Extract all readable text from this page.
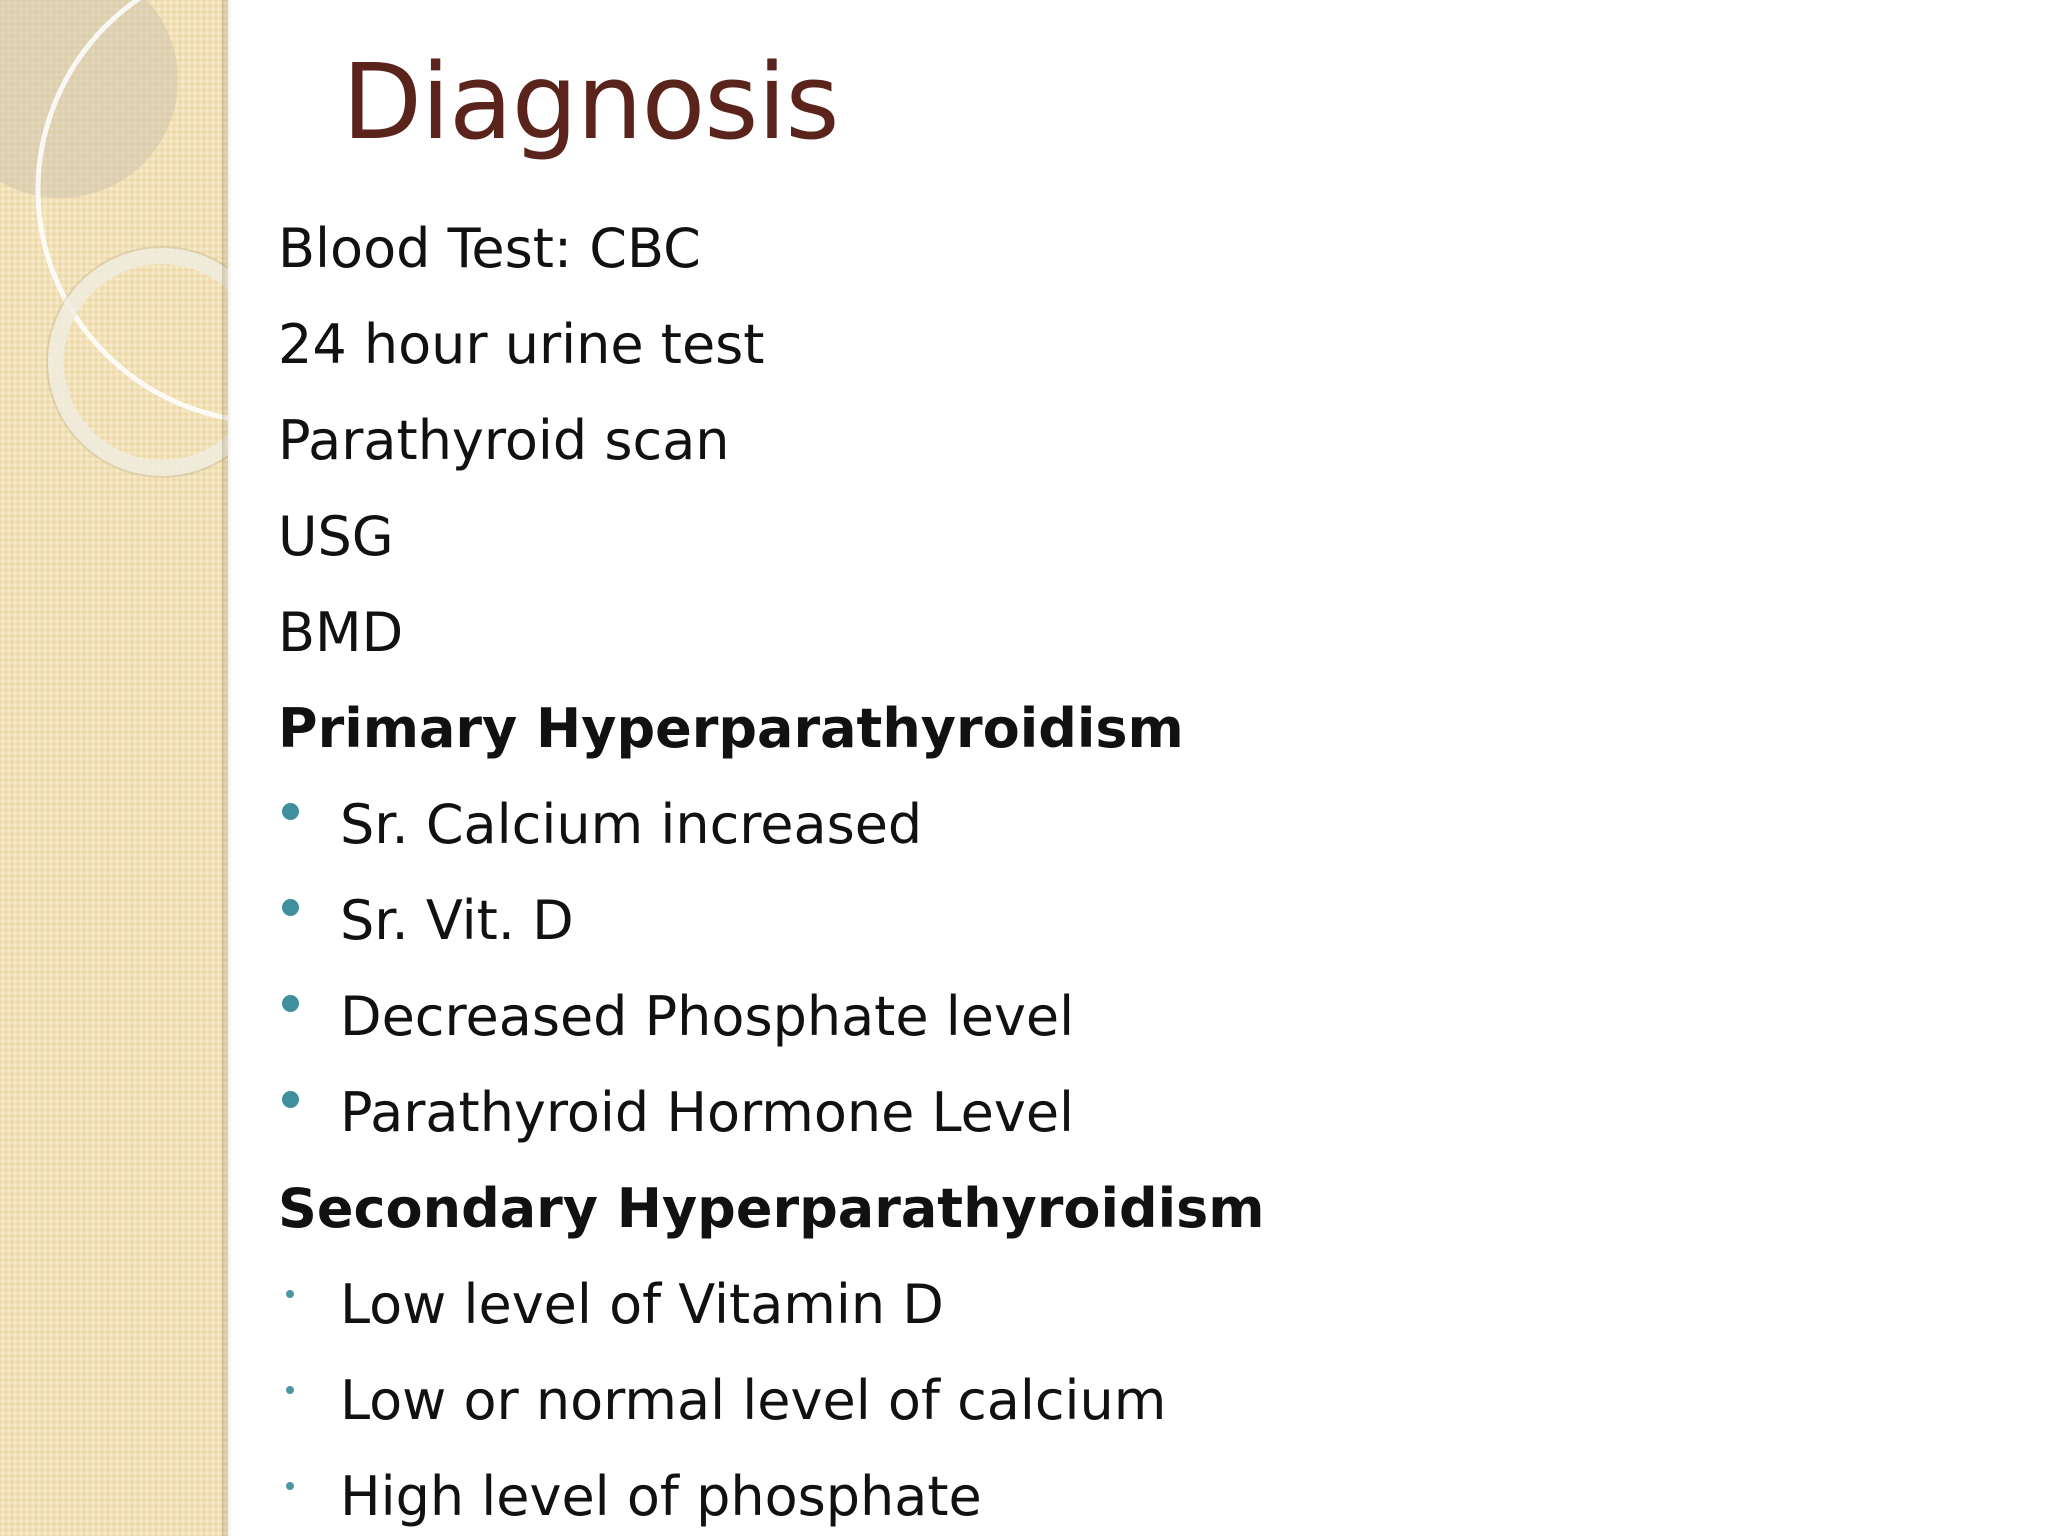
Diagnosis
Blood Test: CBC
24 hour urine test
Parathyroid scan
USG
BMD
Primary Hyperparathyroidism
Sr. Calcium increased
Sr. Vit. D
Decreased Phosphate level
Parathyroid Hormone Level
Secondary Hyperparathyroidism
Low level of Vitamin D
Low or normal level of calcium
High level of phosphate
